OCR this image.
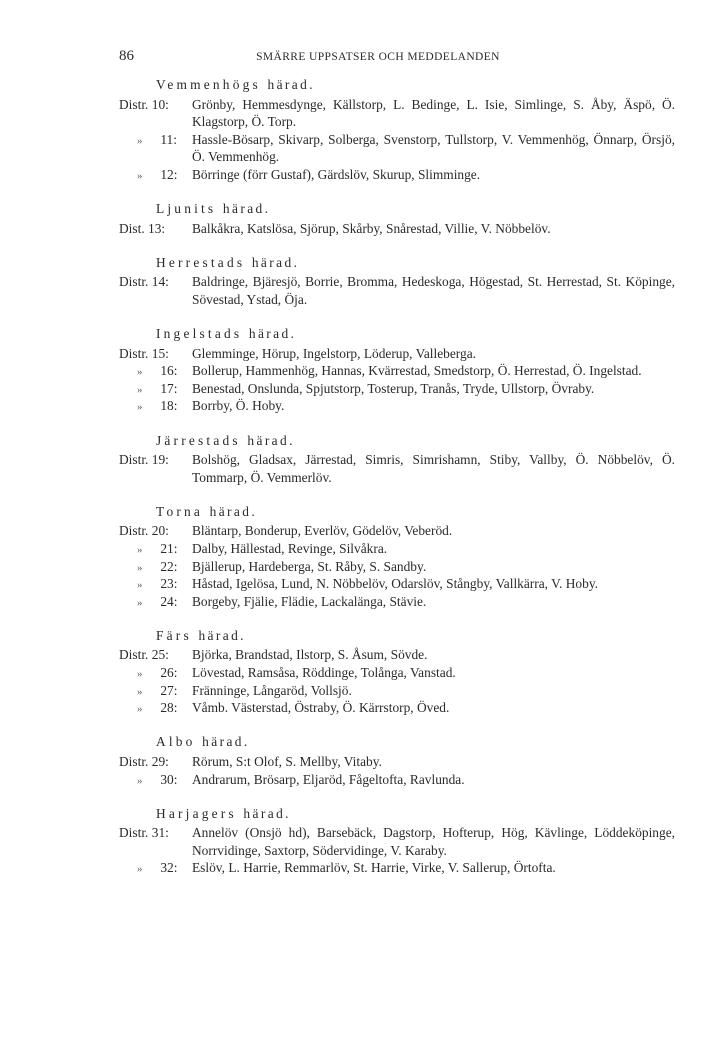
86	SMÄRRE UPPSATSER OCH MEDDELANDEN
Vemmenhögs härad.
Distr. 10:	Grönby, Hemmesdynge, Källstorp, L. Bedinge, L. Isie, Simlinge, S. Åby, Äspö, Ö. Klagstorp, Ö. Torp.
» 11:	Hassle-Bösarp, Skivarp, Solberga, Svenstorp, Tullstorp, V. Vemmenhög, Önnarp, Örsjö, Ö. Vemmenhög.
» 12:	Börringe (förr Gustaf), Gärdslöv, Skurup, Slimminge.
Ljunits härad.
Dist. 13:	Balkåkra, Katslösa, Sjörup, Skårby, Snårestad, Villie, V. Nöbbelöv.
Herrestads härad.
Distr. 14:	Baldringe, Bjäresjö, Borrie, Bromma, Hedeskoga, Högestad, St. Herrestad, St. Köpinge, Sövestad, Ystad, Öja.
Ingelstads härad.
Distr. 15:	Glemminge, Hörup, Ingelstorp, Löderup, Valleberga.
» 16:	Bollerup, Hammenhög, Hannas, Kvärrestad, Smedstorp, Ö. Herrestad, Ö. Ingelstad.
» 17:	Benestad, Onslunda, Spjutstorp, Tosterup, Tranås, Tryde, Ullstorp, Övraby.
» 18:	Borrby, Ö. Hoby.
Järrestads härad.
Distr. 19:	Bolshög, Gladsax, Järrestad, Simris, Simrishamn, Stiby, Vallby, Ö. Nöbbelöv, Ö. Tommarp, Ö. Vemmerlöv.
Torna härad.
Distr. 20:	Bläntarp, Bonderup, Everlöv, Gödelöv, Veberöd.
» 21:	Dalby, Hällestad, Revinge, Silvåkra.
» 22:	Bjällerup, Hardeberga, St. Råby, S. Sandby.
» 23:	Håstad, Igelösa, Lund, N. Nöbbelöv, Odarslöv, Stångby, Vallkärra, V. Hoby.
» 24:	Borgeby, Fjälie, Flädie, Lackalänga, Stävie.
Färs härad.
Distr. 25:	Björka, Brandstad, Ilstorp, S. Åsum, Sövde.
» 26:	Lövestad, Ramsåsa, Röddinge, Tolånga, Vanstad.
» 27:	Fränninge, Långaröd, Vollsjö.
» 28:	Våmb. Västerstad, Östraby, Ö. Kärrstorp, Öved.
Albo härad.
Distr. 29:	Rörum, S:t Olof, S. Mellby, Vitaby.
» 30:	Andrarum, Brösarp, Eljaröd, Fågeltofta, Ravlunda.
Harjagers härad.
Distr. 31:	Annelöv (Onsjö hd), Barsebäck, Dagstorp, Hofterup, Hög, Kävlinge, Löddeköpinge, Norrvidinge, Saxtorp, Södervidinge, V. Karaby.
» 32:	Eslöv, L. Harrie, Remmarlöv, St. Harrie, Virke, V. Sallerup, Örtofta.
